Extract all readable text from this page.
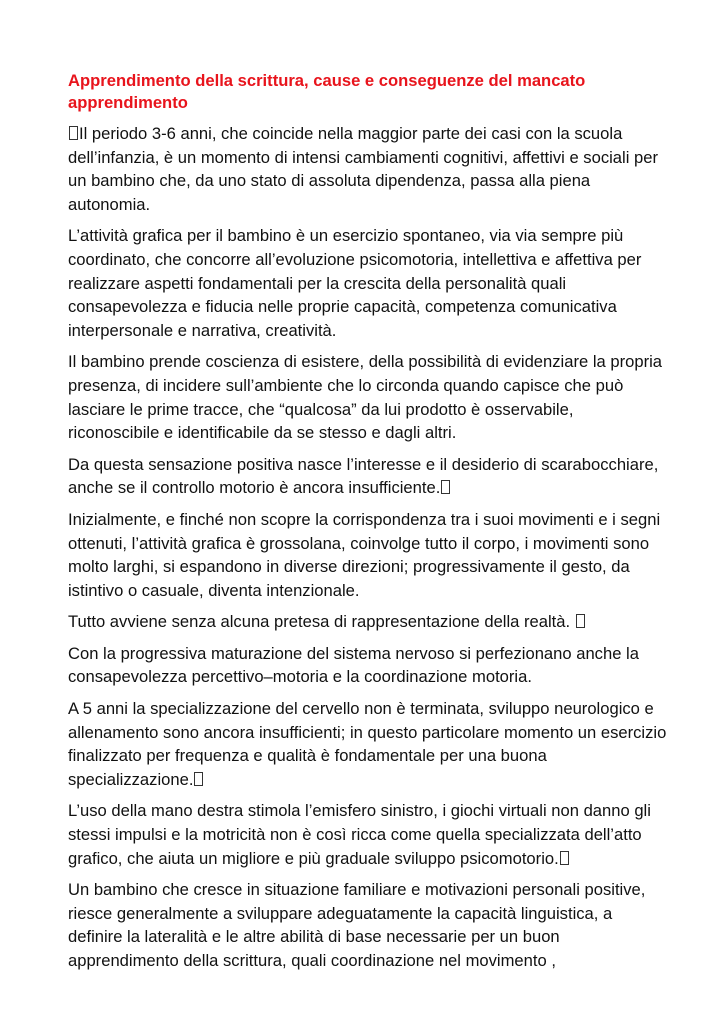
Apprendimento della scrittura, cause e conseguenze del mancato apprendimento

Il periodo 3-6 anni, che coincide nella maggior parte dei casi con la scuola dell’infanzia, è un momento di intensi cambiamenti cognitivi, affettivi e sociali per un bambino che, da uno stato di assoluta dipendenza, passa alla piena autonomia.

L’attività grafica per il bambino è un esercizio spontaneo, via via sempre più coordinato, che concorre all’evoluzione psicomotoria, intellettiva e affettiva per realizzare aspetti fondamentali per la crescita della personalità quali consapevolezza e fiducia nelle proprie capacità, competenza comunicativa interpersonale e narrativa, creatività.

Il bambino prende coscienza di esistere, della possibilità di evidenziare la propria presenza, di incidere sull’ambiente che lo circonda quando capisce che può lasciare le prime tracce, che “qualcosa” da lui prodotto è osservabile, riconoscibile e identificabile da se stesso e dagli altri.

Da questa sensazione positiva nasce l’interesse e il desiderio di scarabocchiare, anche se il controllo motorio è ancora insufficiente.

Inizialmente, e finché non scopre la corrispondenza tra i suoi movimenti e i segni ottenuti, l’attività grafica è grossolana, coinvolge tutto il corpo, i movimenti sono molto larghi, si espandono in diverse direzioni; progressivamente il gesto, da istintivo o casuale, diventa intenzionale.

Tutto avviene senza alcuna pretesa di rappresentazione della realtà.

Con la progressiva maturazione del sistema nervoso si perfezionano anche la consapevolezza percettivo–motoria e la coordinazione motoria.

A 5 anni la specializzazione del cervello non è terminata, sviluppo neurologico e allenamento sono ancora insufficienti; in questo particolare momento un esercizio finalizzato per frequenza e qualità è fondamentale per una buona specializzazione.

L’uso della mano destra stimola l’emisfero sinistro, i giochi virtuali non danno gli stessi impulsi e la motricità non è così ricca come quella specializzata dell’atto grafico, che aiuta un migliore e più graduale sviluppo psicomotorio.

Un bambino che cresce in situazione familiare e motivazioni personali positive, riesce generalmente a sviluppare adeguatamente la capacità linguistica, a definire la lateralità e le altre abilità di base necessarie per un buon apprendimento della scrittura, quali coordinazione nel movimento ,
